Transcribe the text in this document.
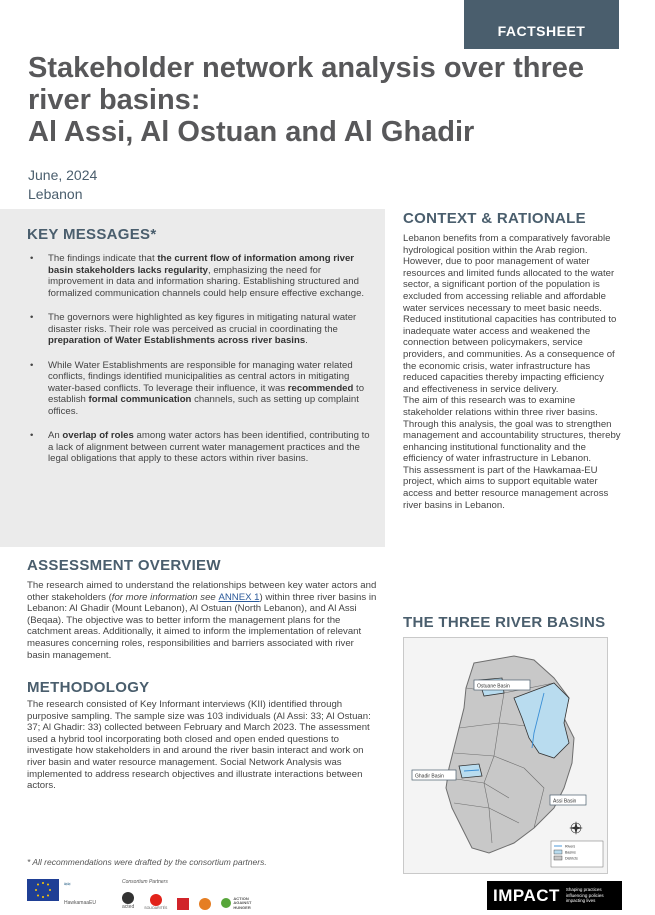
FACTSHEET
Stakeholder network analysis over three
river basins:
Al Assi, Al Ostuan and Al Ghadir
June, 2024
Lebanon
KEY MESSAGES*
• The findings indicate that the current flow of information among river basin stakeholders lacks regularity, emphasizing the need for improvement in data and information sharing. Establishing structured and formalized communication channels could help ensure effective exchange.
• The governors were highlighted as key figures in mitigating natural water disaster risks. Their role was perceived as crucial in coordinating the preparation of Water Establishments across river basins.
• While Water Establishments are responsible for managing water related conflicts, findings identified municipalities as central actors in mitigating water-based conflicts. To leverage their influence, it was recommended to establish formal communication channels, such as setting up complaint offices.
• An overlap of roles among water actors has been identified, contributing to a lack of alignment between current water management practices and the legal obligations that apply to these actors within river basins.
ASSESSMENT OVERVIEW
The research aimed to understand the relationships between key water actors and other stakeholders (for more information see ANNEX 1) within three river basins in Lebanon: Al Ghadir (Mount Lebanon), Al Ostuan (North Lebanon), and Al Assi (Beqaa). The objective was to better inform the management plans for the catchment areas. Additionally, it aimed to inform the implementation of relevant measures concerning roles, responsibilities and barriers associated with river basin management.
METHODOLOGY
The research consisted of Key Informant interviews (KII) identified through purposive sampling. The sample size was 103 individuals (Al Assi: 33; Al Ostuan: 37; Al Ghadir: 33) collected between February and March 2023. The assessment used a hybrid tool incorporating both closed and open ended questions to investigate how stakeholders in and around the river basin interact and work on river basin and water resource management. Social Network Analysis was implemented to address research objectives and illustrate interactions between actors.
CONTEXT & RATIONALE
Lebanon benefits from a comparatively favorable hydrological position within the Arab region. However, due to poor management of water resources and limited funds allocated to the water sector, a significant portion of the population is excluded from accessing reliable and affordable water services necessary to meet basic needs. Reduced institutional capacities has contributed to inadequate water access and weakened the connection between policymakers, service providers, and communities. As a consequence of the economic crisis, water infrastructure has reduced capacities thereby impacting efficiency and effectiveness in service delivery.
The aim of this research was to examine stakeholder relations within three river basins. Through this analysis, the goal was to strengthen management and accountability structures, thereby enhancing institutional functionality and the efficiency of water infrastructure in Lebanon.
This assessment is part of the Hawkamaa-EU project, which aims to support equitable water access and better resource management across river basins in Lebanon.
THE THREE RIVER BASINS
Ostuane Basin
Ghadir Basin
Assi Basin
Rivers
Basins
Districts
* All recommendations were drafted by the consortium partners.
≈≈
HawkamaaEU
Consortium Partners
acted	SOLIDARITÉS
ACTION AGAINST HUNGER
IMPACT Shaping practices influencing policies impacting lives
